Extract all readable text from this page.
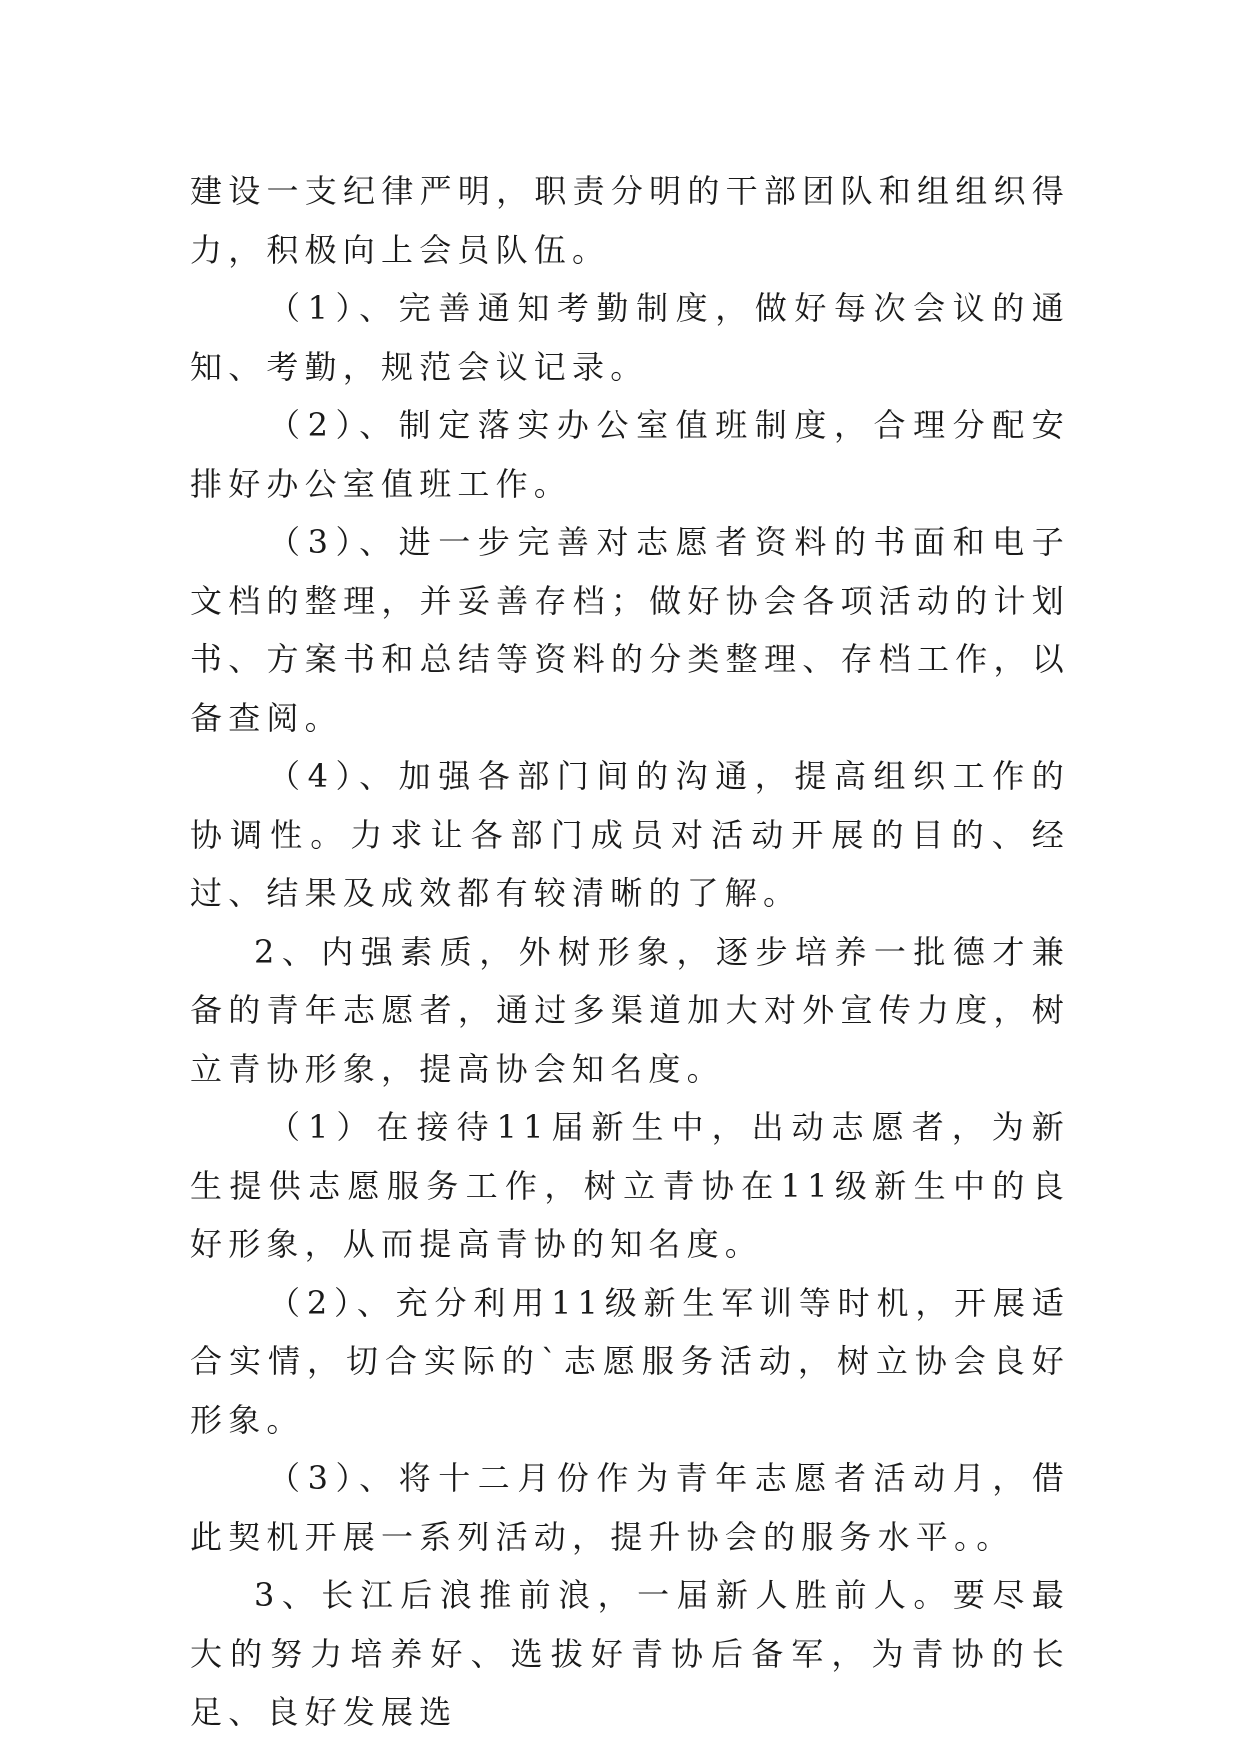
建设一支纪律严明，职责分明的干部团队和组组织得力，积极向上会员队伍。

（1）、完善通知考勤制度，做好每次会议的通知、考勤，规范会议记录。

（2）、制定落实办公室值班制度，合理分配安排好办公室值班工作。

（3）、进一步完善对志愿者资料的书面和电子文档的整理，并妥善存档；做好协会各项活动的计划书、方案书和总结等资料的分类整理、存档工作，以备查阅。

（4）、加强各部门间的沟通，提高组织工作的协调性。力求让各部门成员对活动开展的目的、经过、结果及成效都有较清晰的了解。

2、内强素质，外树形象，逐步培养一批德才兼备的青年志愿者，通过多渠道加大对外宣传力度，树立青协形象，提高协会知名度。

（1）在接待11届新生中，出动志愿者，为新生提供志愿服务工作，树立青协在11级新生中的良好形象，从而提高青协的知名度。

（2）、充分利用11级新生军训等时机，开展适合实情，切合实际的`志愿服务活动，树立协会良好形象。

（3）、将十二月份作为青年志愿者活动月，借此契机开展一系列活动，提升协会的服务水平。。

3、长江后浪推前浪，一届新人胜前人。要尽最大的努力培养好、选拔好青协后备军，为青协的长足、良好发展选
